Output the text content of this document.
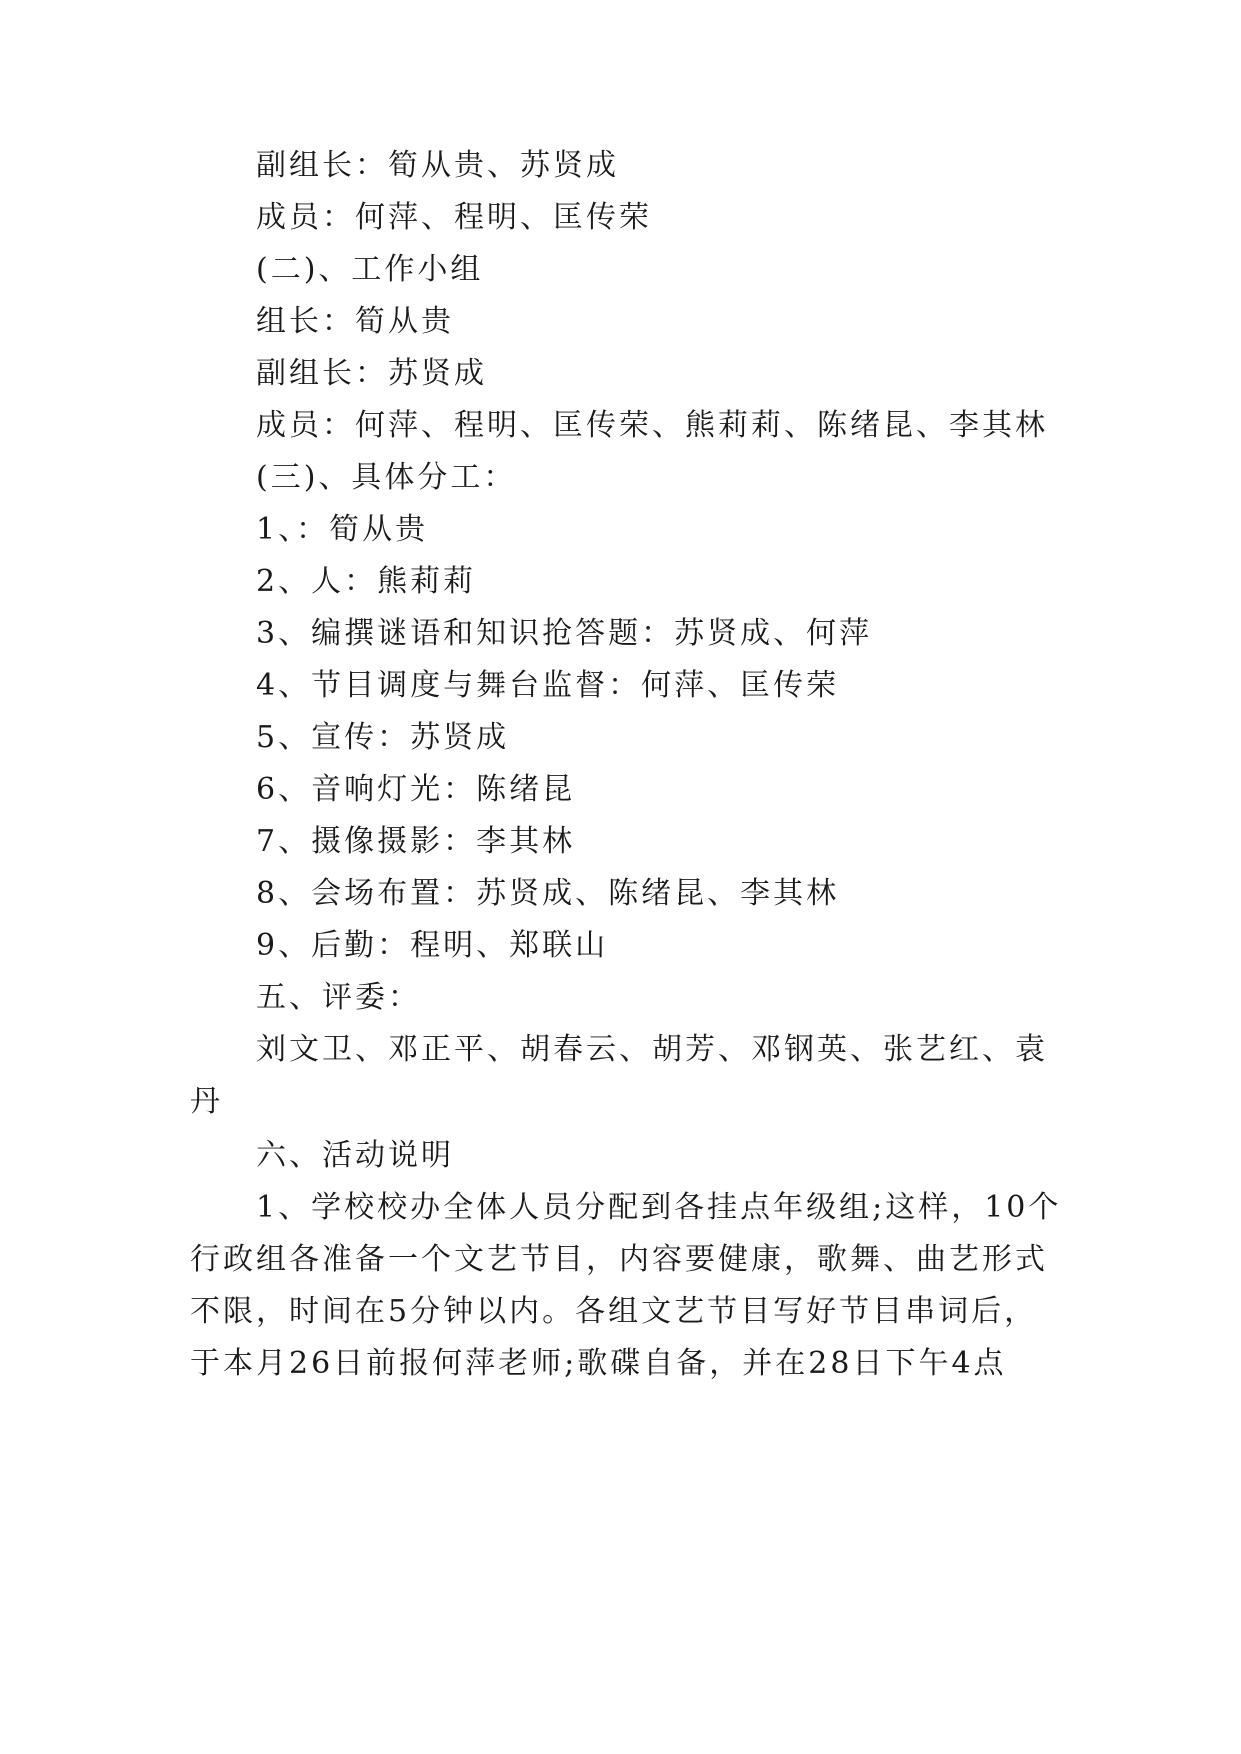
副组长：筍从贵、苏贤成
成员：何萍、程明、匡传荣
(二)、工作小组
组长：筍从贵
副组长：苏贤成
成员：何萍、程明、匡传荣、熊莉莉、陈绪昆、李其林
(三)、具体分工：
1、：筍从贵
2、人：熊莉莉
3、编撰谜语和知识抢答题：苏贤成、何萍
4、节目调度与舞台监督：何萍、匡传荣
5、宣传：苏贤成
6、音响灯光：陈绪昆
7、摄像摄影：李其林
8、会场布置：苏贤成、陈绪昆、李其林
9、后勤：程明、郑联山
五、评委：
刘文卫、邓正平、胡春云、胡芳、邓钢英、张艺红、袁
丹
六、活动说明
1、学校校办全体人员分配到各挂点年级组;这样，10个
行政组各准备一个文艺节目，内容要健康，歌舞、曲艺形式
不限，时间在5分钟以内。各组文艺节目写好节目串词后，
于本月26日前报何萍老师;歌碟自备，并在28日下午4点
